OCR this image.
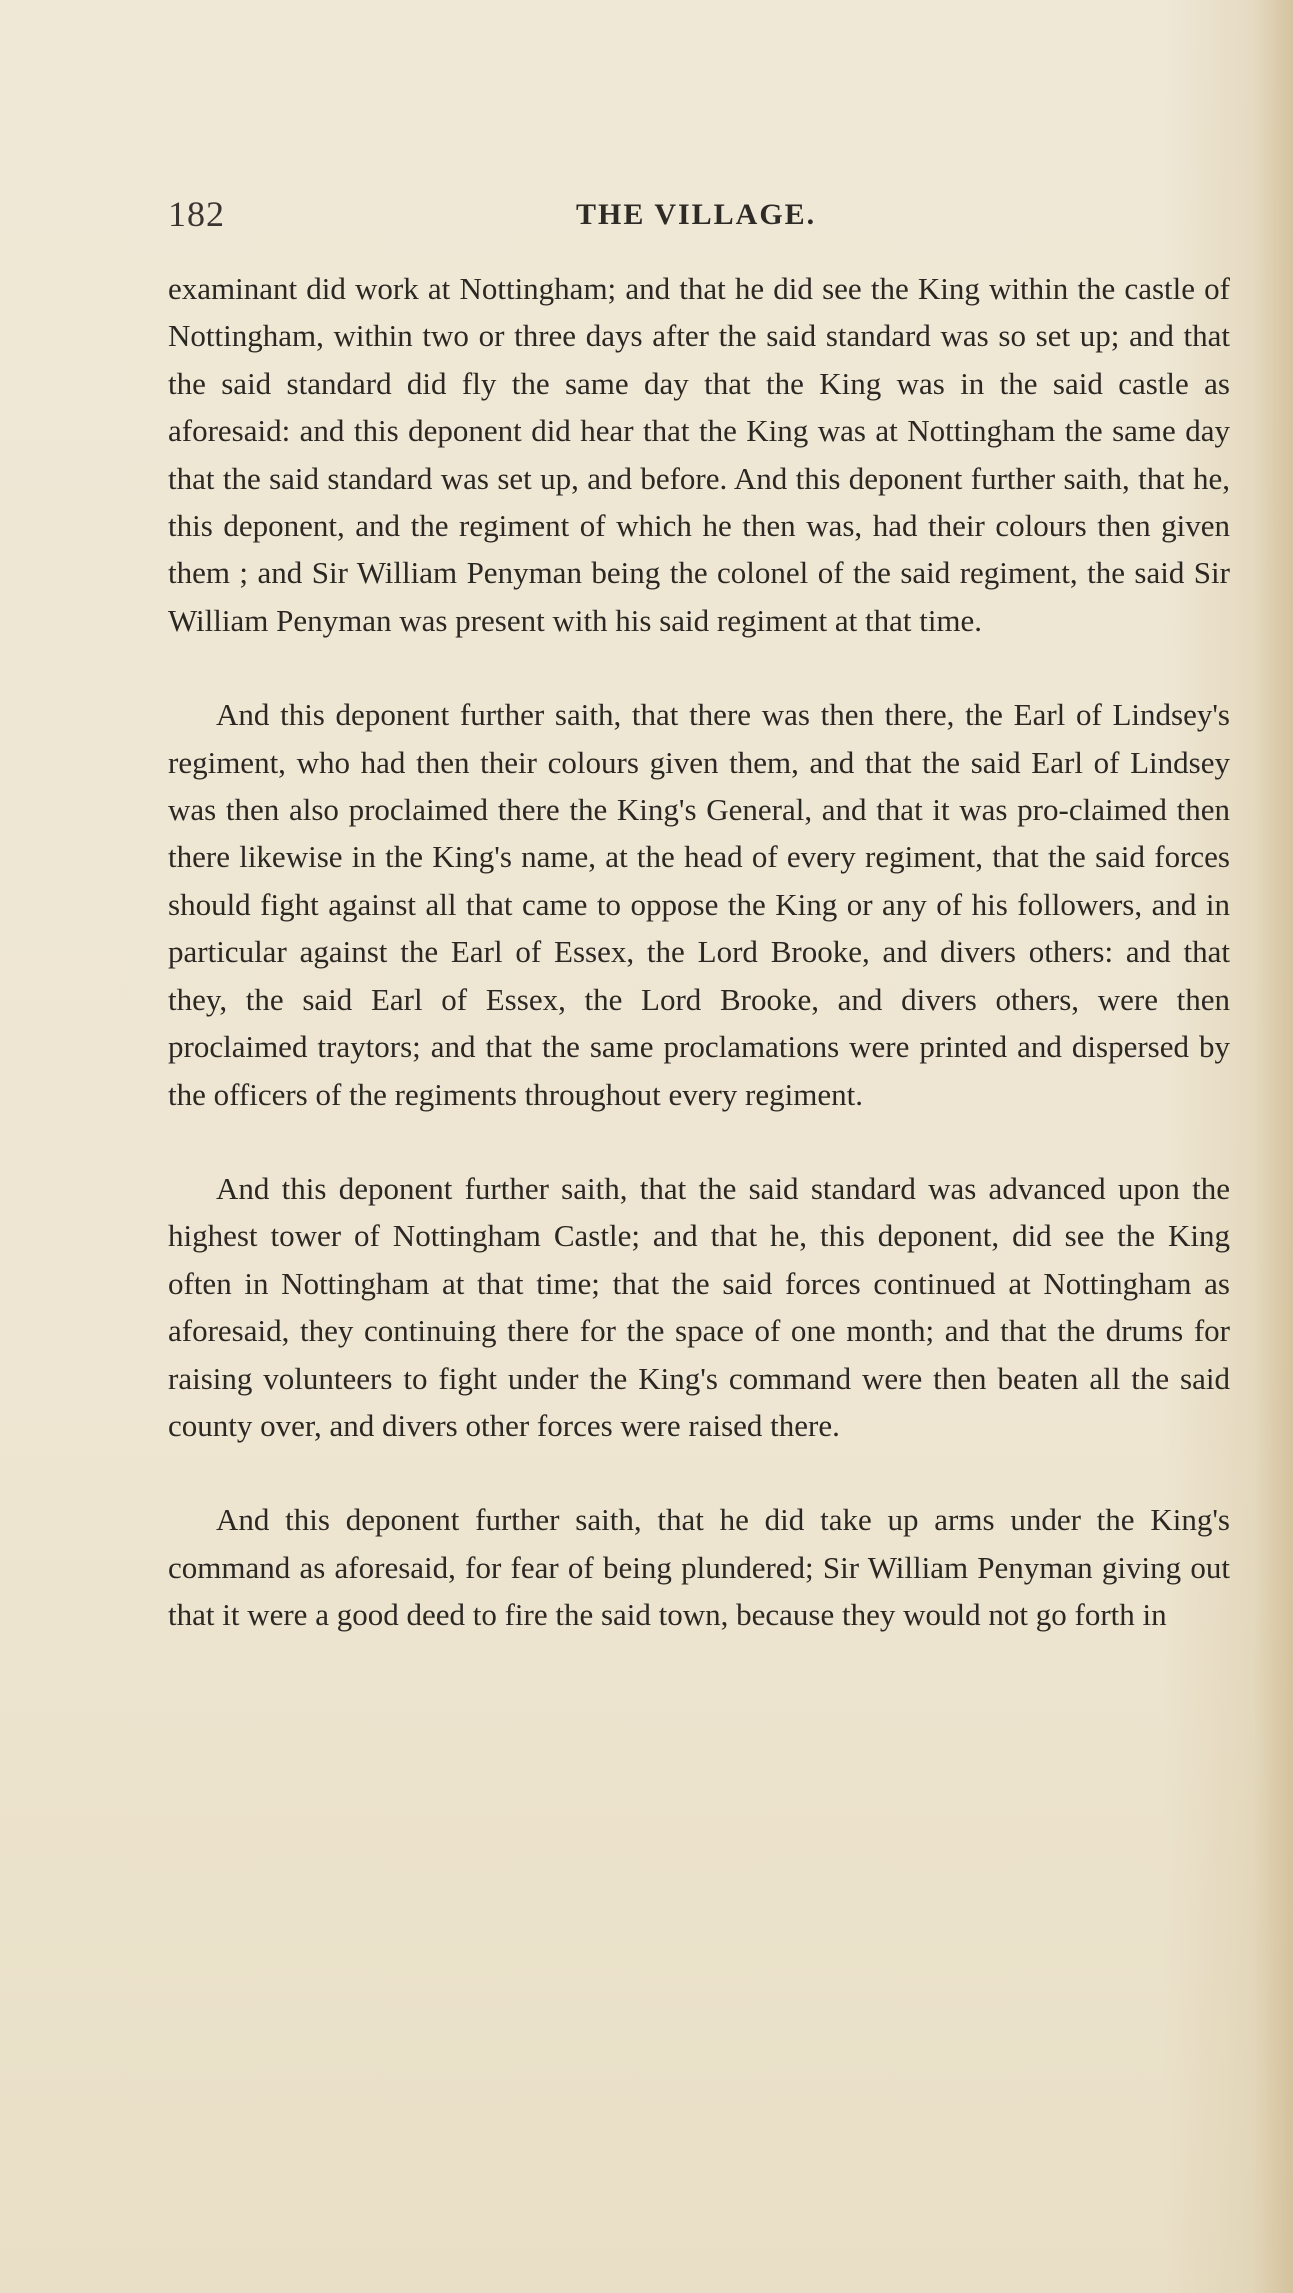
182	THE VILLAGE.

examinant did work at Nottingham; and that he did see the King within the castle of Nottingham, within two or three days after the said standard was so set up; and that the said standard did fly the same day that the King was in the said castle as aforesaid: and this deponent did hear that the King was at Nottingham the same day that the said standard was set up, and before. And this deponent further saith, that he, this deponent, and the regiment of which he then was, had their colours then given them ; and Sir William Penyman being the colonel of the said regiment, the said Sir William Penyman was present with his said regiment at that time.

And this deponent further saith, that there was then there, the Earl of Lindsey's regiment, who had then their colours given them, and that the said Earl of Lindsey was then also proclaimed there the King's General, and that it was pro-claimed then there likewise in the King's name, at the head of every regiment, that the said forces should fight against all that came to oppose the King or any of his followers, and in particular against the Earl of Essex, the Lord Brooke, and divers others: and that they, the said Earl of Essex, the Lord Brooke, and divers others, were then proclaimed traytors; and that the same proclamations were printed and dispersed by the officers of the regiments throughout every regiment.

And this deponent further saith, that the said standard was advanced upon the highest tower of Nottingham Castle; and that he, this deponent, did see the King often in Nottingham at that time; that the said forces continued at Nottingham as aforesaid, they continuing there for the space of one month; and that the drums for raising volunteers to fight under the King's command were then beaten all the said county over, and divers other forces were raised there.

And this deponent further saith, that he did take up arms under the King's command as aforesaid, for fear of being plundered; Sir William Penyman giving out that it were a good deed to fire the said town, because they would not go forth in
